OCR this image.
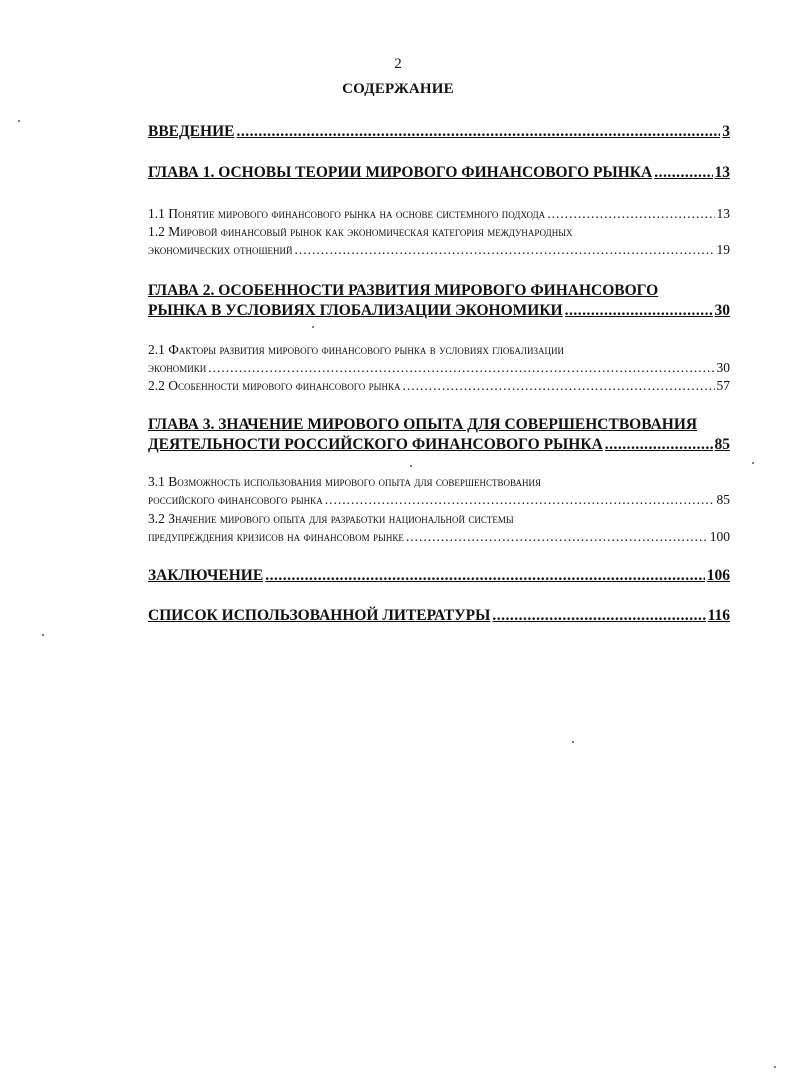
2
СОДЕРЖАНИЕ
ВВЕДЕНИЕ .....	3
ГЛАВА 1. ОСНОВЫ ТЕОРИИ МИРОВОГО ФИНАНСОВОГО РЫНКА .....	13
1.1 Понятие мирового финансового рынка на основе системного подхода .....	13
1.2 Мировой финансовый рынок как экономическая категория международных
экономических отношений .....	19
ГЛАВА 2. ОСОБЕННОСТИ РАЗВИТИЯ МИРОВОГО ФИНАНСОВОГО
РЫНКА В УСЛОВИЯХ ГЛОБАЛИЗАЦИИ ЭКОНОМИКИ .....	30
2.1 Факторы развития мирового финансового рынка в условиях глобализации
экономики .....	30
2.2 Особенности мирового финансового рынка .....	57
ГЛАВА 3. ЗНАЧЕНИЕ МИРОВОГО ОПЫТА ДЛЯ СОВЕРШЕНСТВОВАНИЯ
ДЕЯТЕЛЬНОСТИ РОССИЙСКОГО ФИНАНСОВОГО РЫНКА .....	85
3.1 Возможность использования мирового опыта для совершенствования
российского финансового рынка .....	85
3.2 Значение мирового опыта для разработки национальной системы
предупреждения кризисов на финансовом рынке .....	100
ЗАКЛЮЧЕНИЕ .....	106
СПИСОК ИСПОЛЬЗОВАННОЙ ЛИТЕРАТУРЫ .....	116
